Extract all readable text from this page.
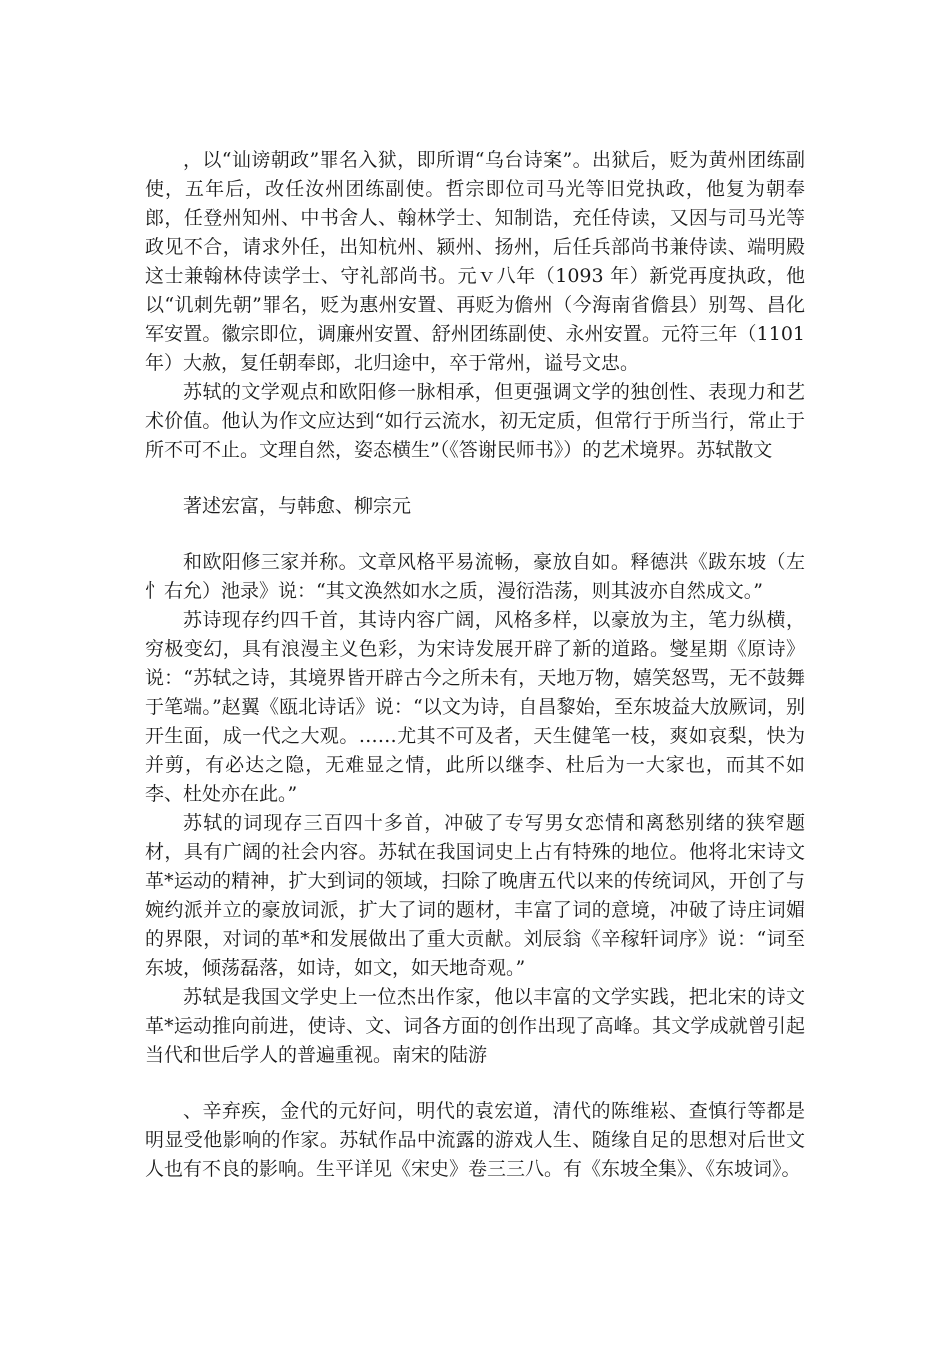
，以“讪谤朝政”罪名入狱，即所谓“乌台诗案”。出狱后，贬为黄州团练副使，五年后，改任汝州团练副使。哲宗即位司马光等旧党执政，他复为朝奉郎，任登州知州、中书舍人、翰林学士、知制诰，充任侍读，又因与司马光等政见不合，请求外任，出知杭州、颍州、扬州，后任兵部尚书兼侍读、端明殿这士兼翰林侍读学士、守礼部尚书。元ｖ八年（1093 年）新党再度执政，他以“讥刺先朝”罪名，贬为惠州安置、再贬为儋州（今海南省儋县）别驾、昌化军安置。徽宗即位，调廉州安置、舒州团练副使、永州安置。元符三年（1101 年）大赦，复任朝奉郎，北归途中，卒于常州，谥号文忠。

苏轼的文学观点和欧阳修一脉相承，但更强调文学的独创性、表现力和艺术价值。他认为作文应达到“如行云流水，初无定质，但常行于所当行，常止于所不可不止。文理自然，姿态横生”（《答谢民师书》）的艺术境界。苏轼散文

著述宏富，与韩愈、柳宗元

和欧阳修三家并称。文章风格平易流畅，豪放自如。释德洪《跋东坡（左忄右允）池录》说：“其文涣然如水之质，漫衍浩荡，则其波亦自然成文。”

苏诗现存约四千首，其诗内容广阔，风格多样，以豪放为主，笔力纵横，穷极变幻，具有浪漫主义色彩，为宋诗发展开辟了新的道路。燮星期《原诗》说：“苏轼之诗，其境界皆开辟古今之所未有，天地万物，嬉笑怒骂，无不鼓舞于笔端。”赵翼《瓯北诗话》说：“以文为诗，自昌黎始，至东坡益大放厥词，别开生面，成一代之大观。……尤其不可及者，天生健笔一枝，爽如哀梨，快为并剪，有必达之隐，无难显之情，此所以继李、杜后为一大家也，而其不如李、杜处亦在此。”

苏轼的词现存三百四十多首，冲破了专写男女恋情和离愁别绪的狭窄题材，具有广阔的社会内容。苏轼在我国词史上占有特殊的地位。他将北宋诗文革*运动的精神，扩大到词的领域，扫除了晚唐五代以来的传统词风，开创了与婉约派并立的豪放词派，扩大了词的题材，丰富了词的意境，冲破了诗庄词媚的界限，对词的革*和发展做出了重大贡献。刘辰翁《辛稼轩词序》说：“词至东坡，倾荡磊落，如诗，如文，如天地奇观。”

苏轼是我国文学史上一位杰出作家，他以丰富的文学实践，把北宋的诗文革*运动推向前进，使诗、文、词各方面的创作出现了高峰。其文学成就曾引起当代和世后学人的普遍重视。南宋的陆游

、辛弃疾，金代的元好问，明代的袁宏道，清代的陈维崧、查慎行等都是明显受他影响的作家。苏轼作品中流露的游戏人生、随缘自足的思想对后世文人也有不良的影响。生平详见《宋史》卷三三八。有《东坡全集》、《东坡词》。
